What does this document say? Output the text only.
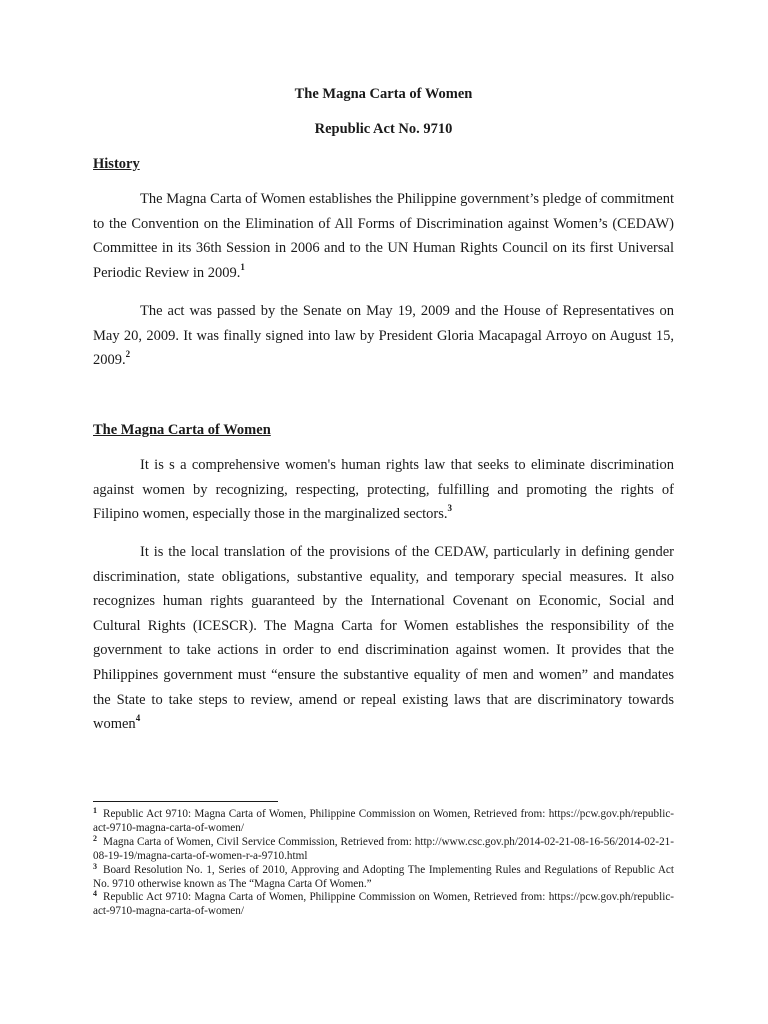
The Magna Carta of Women
Republic Act No. 9710
History

The Magna Carta of Women establishes the Philippine government’s pledge of commitment to the Convention on the Elimination of All Forms of Discrimination against Women’s (CEDAW) Committee in its 36th Session in 2006 and to the UN Human Rights Council on its first Universal Periodic Review in 2009.$^1$

The act was passed by the Senate on May 19, 2009 and the House of Representatives on May 20, 2009. It was finally signed into law by President Gloria Macapagal Arroyo on August 15, 2009.$^2$

The Magna Carta of Women

It is s a comprehensive women's human rights law that seeks to eliminate discrimination against women by recognizing, respecting, protecting, fulfilling and promoting the rights of Filipino women, especially those in the marginalized sectors.$^3$

It is the local translation of the provisions of the CEDAW, particularly in defining gender discrimination, state obligations, substantive equality, and temporary special measures. It also recognizes human rights guaranteed by the International Covenant on Economic, Social and Cultural Rights (ICESCR). The Magna Carta for Women establishes the responsibility of the government to take actions in order to end discrimination against women. It provides that the Philippines government must “ensure the substantive equality of men and women” and mandates the State to take steps to review, amend or repeal existing laws that are discriminatory towards women$^4$

$^1$ Republic Act 9710: Magna Carta of Women, Philippine Commission on Women, Retrieved from: https://pcw.gov.ph/republic-act-9710-magna-carta-of-women/

$^2$ Magna Carta of Women, Civil Service Commission, Retrieved from: http://www.csc.gov.ph/2014-02-21-08-16-56/2014-02-21-08-19-19/magna-carta-of-women-r-a-9710.html

$^3$ Board Resolution No. 1, Series of 2010, Approving and Adopting The Implementing Rules and Regulations of Republic Act No. 9710 otherwise known as The “Magna Carta Of Women.”

$^4$ Republic Act 9710: Magna Carta of Women, Philippine Commission on Women, Retrieved from: https://pcw.gov.ph/republic-act-9710-magna-carta-of-women/
